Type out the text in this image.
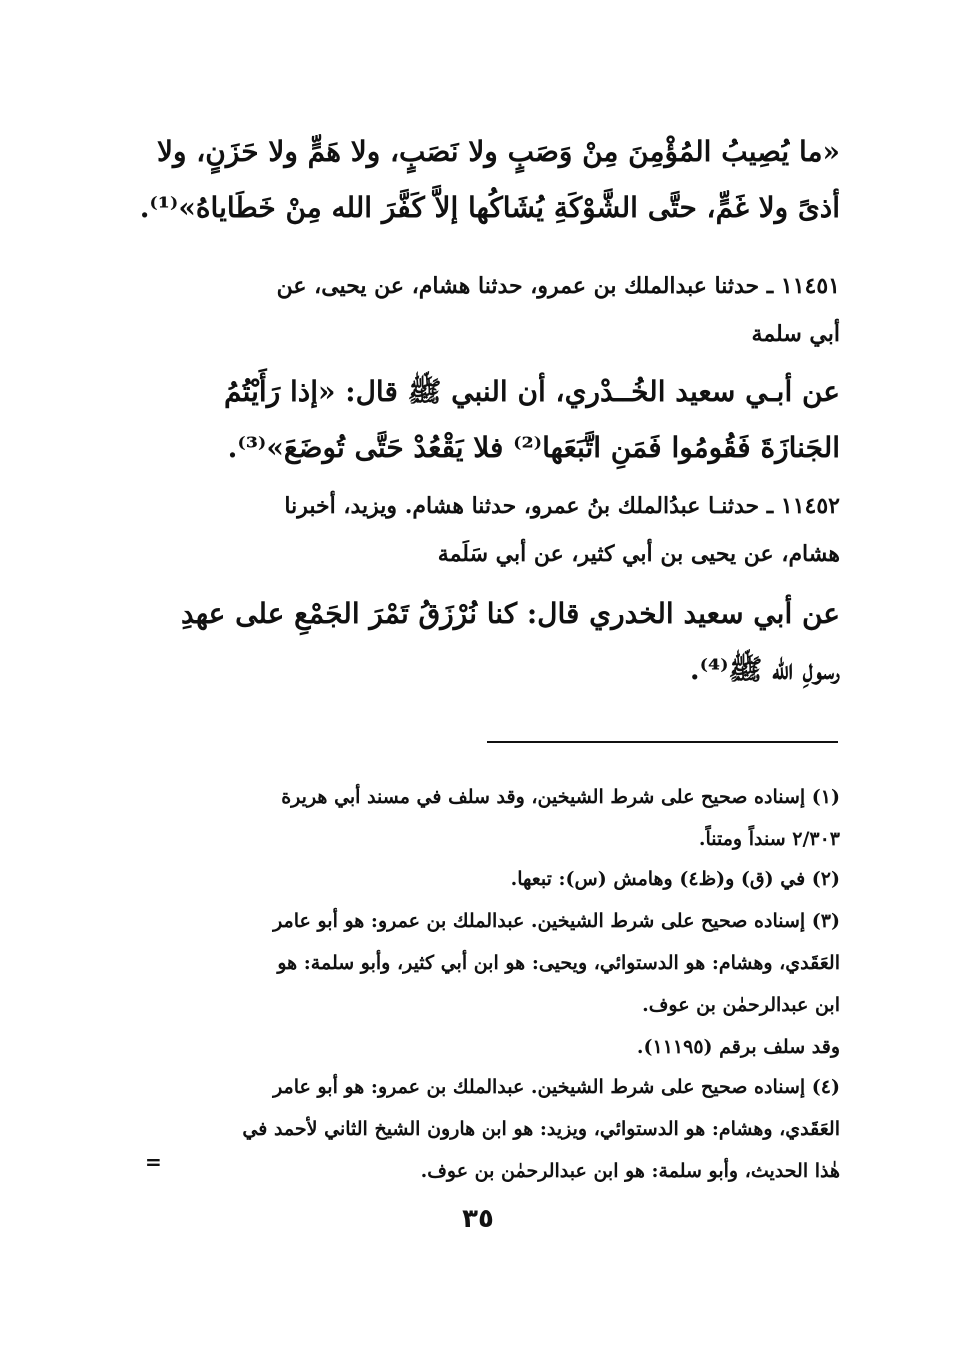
«ما يُصِيبُ المُؤْمِنَ مِنْ وَصَبٍ ولا نَصَبٍ، ولا هَمٍّ ولا حَزَنٍ، ولا
أذىً ولا غَمٍّ، حتَّى الشَّوْكَةِ يُشَاكُها إلاَّ كَفَّرَ الله مِنْ خَطَاياهُ»⁽¹⁾.
١١٤٥١ ـ حدثنا عبدالملك بن عمرو، حدثنا هشام، عن يحيى، عن
أبي سلمة
عن أبـي سعيد الخُــدْري، أن النبي ﷺ قال: «إذا رَأَيْتُمُ
الجَنازَةَ فَقُومُوا فَمَنِ اتَّبَعَها⁽²⁾ فلا يَقْعُدْ حَتَّى تُوضَعَ»⁽³⁾.
١١٤٥٢ ـ حدثنـا عبدُالملك بنُ عمرو، حدثنا هشام. ويزيد، أخبرنا
هشام، عن يحيى بن أبي كثير، عن أبي سَلَمة
عن أبي سعيد الخدري قال: كنا نُرْزَقُ تَمْرَ الجَمْعِ على عهدِ
رسولِ الله ﷺ⁽⁴⁾.
(١) إسناده صحيح على شرط الشيخين، وقد سلف في مسند أبي هريرة
٢/٣٠٣ سنداً ومتناً.
(٢) في (ق) و(ظ٤) وهامش (س): تبعها.
(٣) إسناده صحيح على شرط الشيخين. عبدالملك بن عمرو: هو أبو عامر
العَقَدي، وهشام: هو الدستوائي، ويحيى: هو ابن أبي كثير، وأبو سلمة: هو
ابن عبدالرحمٰن بن عوف.
وقد سلف برقم (١١١٩٥).
(٤) إسناده صحيح على شرط الشيخين. عبدالملك بن عمرو: هو أبو عامر
العَقَدي، وهشام: هو الدستوائي، ويزيد: هو ابن هارون الشيخ الثاني لأحمد في
هٰذا الحديث، وأبو سلمة: هو ابن عبدالرحمٰن بن عوف.
=
٣٥
